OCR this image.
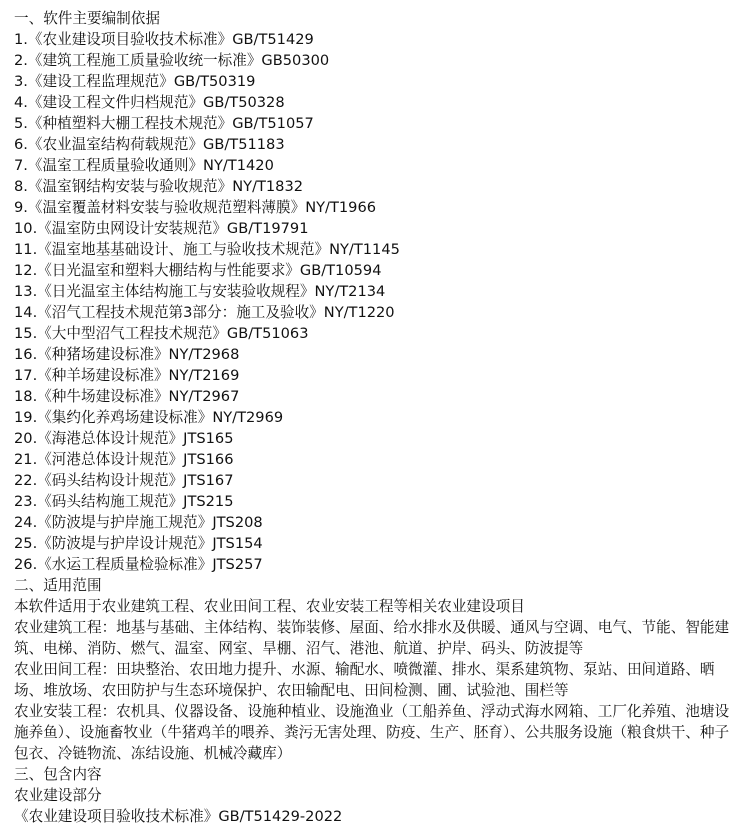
一、软件主要编制依据
1.《农业建设项目验收技术标准》GB/T51429
2.《建筑工程施工质量验收统一标准》GB50300
3.《建设工程监理规范》GB/T50319
4.《建设工程文件归档规范》GB/T50328
5.《种植塑料大棚工程技术规范》GB/T51057
6.《农业温室结构荷载规范》GB/T51183
7.《温室工程质量验收通则》NY/T1420
8.《温室钢结构安装与验收规范》NY/T1832
9.《温室覆盖材料安装与验收规范塑料薄膜》NY/T1966
10.《温室防虫网设计安装规范》GB/T19791
11.《温室地基基础设计、施工与验收技术规范》NY/T1145
12.《日光温室和塑料大棚结构与性能要求》GB/T10594
13.《日光温室主体结构施工与安装验收规程》NY/T2134
14.《沼气工程技术规范第3部分：施工及验收》NY/T1220
15.《大中型沼气工程技术规范》GB/T51063
16.《种猪场建设标准》NY/T2968
17.《种羊场建设标准》NY/T2169
18.《种牛场建设标准》NY/T2967
19.《集约化养鸡场建设标准》NY/T2969
20.《海港总体设计规范》JTS165
21.《河港总体设计规范》JTS166
22.《码头结构设计规范》JTS167
23.《码头结构施工规范》JTS215
24.《防波堤与护岸施工规范》JTS208
25.《防波堤与护岸设计规范》JTS154
26.《水运工程质量检验标准》JTS257
二、适用范围
本软件适用于农业建筑工程、农业田间工程、农业安装工程等相关农业建设项目
农业建筑工程：地基与基础、主体结构、装饰装修、屋面、给水排水及供暖、通风与空调、电气、节能、智能建筑、电梯、消防、燃气、温室、网室、旱棚、沼气、港池、航道、护岸、码头、防波提等
农业田间工程：田块整治、农田地力提升、水源、输配水、喷微灌、排水、渠系建筑物、泵站、田间道路、晒场、堆放场、农田防护与生态环境保护、农田输配电、田间检测、圃、试验池、围栏等
农业安装工程：农机具、仪器设备、设施种植业、设施渔业（工船养鱼、浮动式海水网箱、工厂化养殖、池塘设施养鱼）、设施畜牧业（牛猪鸡羊的喂养、粪污无害处理、防疫、生产、胚育）、公共服务设施（粮食烘干、种子包衣、冷链物流、冻结设施、机械冷藏库）
三、包含内容
农业建设部分
《农业建设项目验收技术标准》GB/T51429-2022
